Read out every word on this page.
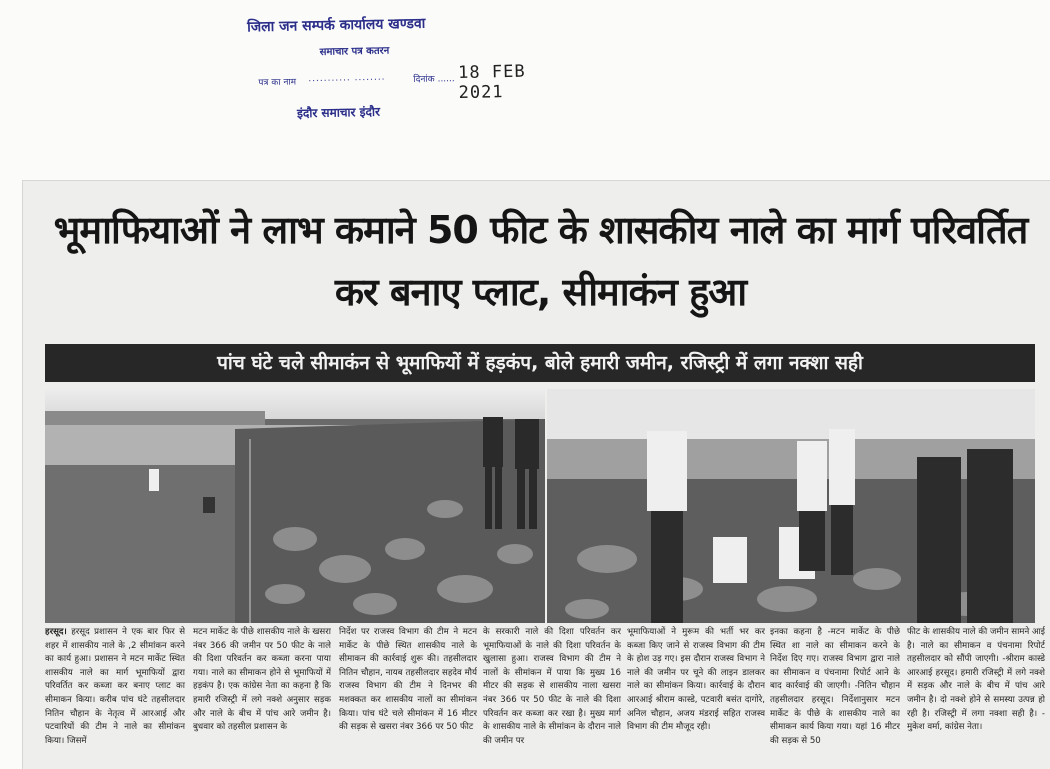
जिला जन सम्पर्क कार्यालय खण्डवा
समाचार पत्र कतरन
पत्र का नाम ........... ........	दिनांक ...... 18 FEB 2021
इंदौर समाचार इंदौर
भूमाफियाओं ने लाभ कमाने 50 फीट के शासकीय नाले का मार्ग परिवर्तित कर बनाए प्लाट, सीमाकंन हुआ
पांच घंटे चले सीमाकंन से भूमाफियों में हड़कंप, बोले हमारी जमीन, रजिस्ट्री में लगा नक्शा सही
हरसूद। हरसूद प्रशासन ने एक बार फिर से शहर में शासकीय नाले के ,2 सीमांकन करने का कार्य हुआ। प्रशासन ने मटन मार्केट स्थित शासकीय नाले का मार्ग भूमाफियों द्वारा परिवर्तित कर कब्जा कर बनाए प्लाट का सीमाकन किया। करीब पांच घंटे तहसीलदार नितिन चौहान के नेतृत्व में आरआई और पटवारियों की टीम ने नाले का सीमांकन किया। जिसमें
मटन मार्केट के पीछे शासकीय नाले के खसरा नंबर 366 की जमीन पर 50 फीट के नाले की दिशा परिवर्तन कर कब्जा करना पाया गया। नाले का सीमाकन होने से भूमाफियों में हड़कंप है। एक कांग्रेस नेता का कहना है कि हमारी रजिस्ट्री में लगे नक्शे अनुसार सड़क और नाले के बीच में पांच आरे जमीन है। बुधवार को तहसील प्रशासन के
निर्देश पर राजस्व विभाग की टीम ने मटन मार्केट के पीछे स्थित शासकीय नाले के सीमाकन की कार्रवाई शुरू की। तहसीलदार नितिन चौहान, नायब तहसीलदार सहदेव मौर्य राजस्व विभाग की टीम ने दिनभर की मशक्कत कर शासकीय नालों का सीमांकन किया। पांच घंटे चले सीमांकन में 16 मीटर की सड़क से खसरा नंबर 366 पर 50 फीट
के सरकारी नाले की दिशा परिवर्तन कर भूमाफियाओं के नाले की दिशा परिवर्तन के खुलासा हुआ। राजस्व विभाग की टीम ने नालों के सीमांकन में पाया कि मुख्य 16 मीटर की सड़क से शासकीय नाला खसरा नंबर 366 पर 50 फीट के नाले की दिशा परिवर्तन कर कब्जा कर रखा है। मुख्य मार्ग के शासकीय नाले के सीमांकन के दौरान नाले की जमीन पर
भूमाफियाओं ने मुरूम की भर्ती भर कर कब्जा किए जाने से राजस्व विभाग की टीम के होश उड़ गए। इस दौरान राजस्व विभाग ने नाले की जमीन पर चूने की लाइन डालकर नाले का सीमांकन किया। कार्रवाई के दौरान आरआई श्रीराम कास्डे, पटवारी बसंत दागोरे, अनिल चौहान, अजय मंडराई सहित राजस्व विभाग की टीम मौजूद रही।
इनका कहना है -मटन मार्केट के पीछे स्थित शा नाले का सीमाकन करने के निर्देश दिए गए। राजस्व विभाग द्वारा नाले का सीमाकन व पंचनामा रिपोर्ट आने के बाद कार्रवाई की जाएगी। -नितिन चौहान तहसीलदार हरसूद। निर्देशानुसार मटन मार्केट के पीछे के शासकीय नाले का सीमाकन कार्य किया गया। यहां 16 मीटर की सड़क से 50
फीट के शासकीय नाले की जमीन सामने आई है। नाले का सीमाकन व पंचनामा रिपोर्ट तहसीलदार को सौंपी जाएगी। -श्रीराम कास्डे आरआई हरसूद। हमारी रजिस्ट्री में लगे नक्शे में सड़क और नाले के बीच में पांच आरे जमीन है। दो नक्शे होने से समस्या उत्पन्न हो रही है। रजिस्ट्री में लगा नक्शा सही है। - मुकेश वर्मा, कांग्रेस नेता।
